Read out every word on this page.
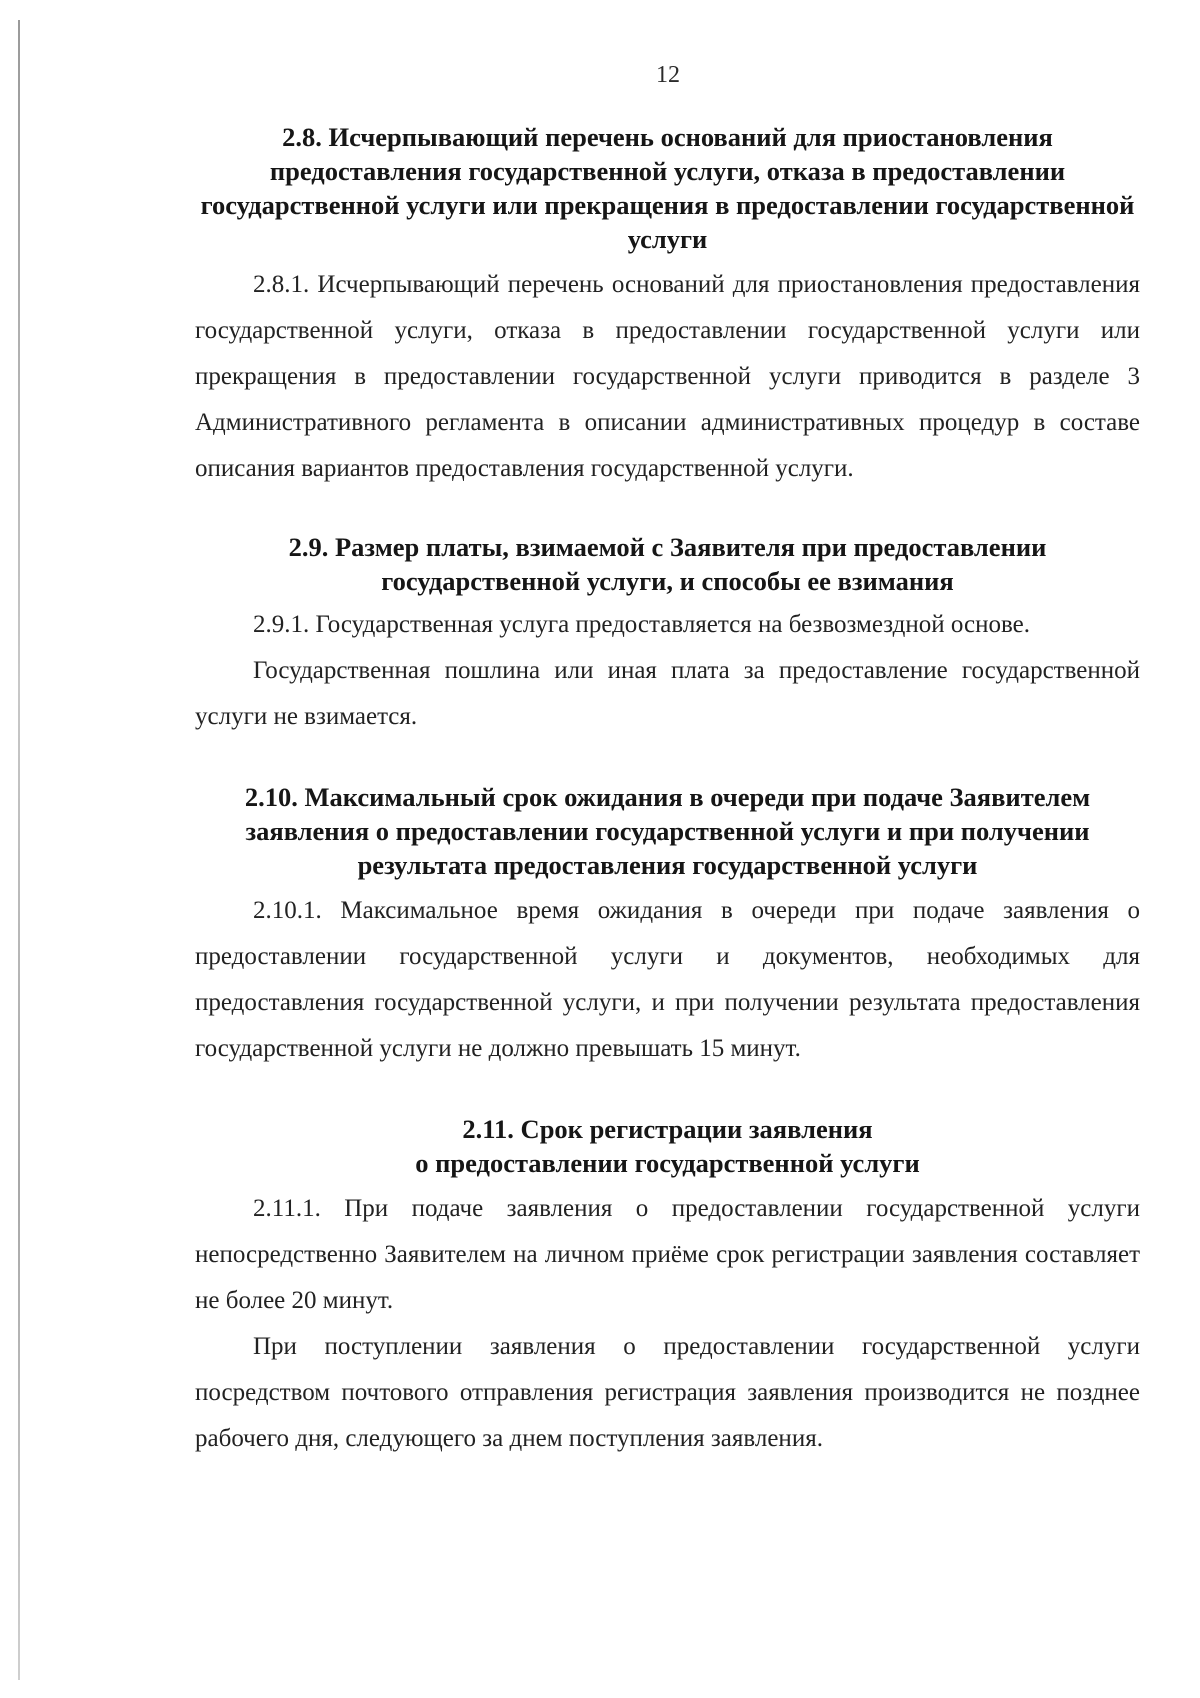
12
2.8. Исчерпывающий перечень оснований для приостановления предоставления государственной услуги, отказа в предоставлении государственной услуги или прекращения в предоставлении государственной услуги

2.8.1. Исчерпывающий перечень оснований для приостановления предоставления государственной услуги, отказа в предоставлении государственной услуги или прекращения в предоставлении государственной услуги приводится в разделе 3 Административного регламента в описании административных процедур в составе описания вариантов предоставления государственной услуги.

2.9. Размер платы, взимаемой с Заявителя при предоставлении государственной услуги, и способы ее взимания

2.9.1. Государственная услуга предоставляется на безвозмездной основе.

Государственная пошлина или иная плата за предоставление государственной услуги не взимается.

2.10. Максимальный срок ожидания в очереди при подаче Заявителем заявления о предоставлении государственной услуги и при получении результата предоставления государственной услуги

2.10.1. Максимальное время ожидания в очереди при подаче заявления о предоставлении государственной услуги и документов, необходимых для предоставления государственной услуги, и при получении результата предоставления государственной услуги не должно превышать 15 минут.

2.11. Срок регистрации заявления
о предоставлении государственной услуги

2.11.1. При подаче заявления о предоставлении государственной услуги непосредственно Заявителем на личном приёме срок регистрации заявления составляет не более 20 минут.

При поступлении заявления о предоставлении государственной услуги посредством почтового отправления регистрация заявления производится не позднее рабочего дня, следующего за днем поступления заявления.
